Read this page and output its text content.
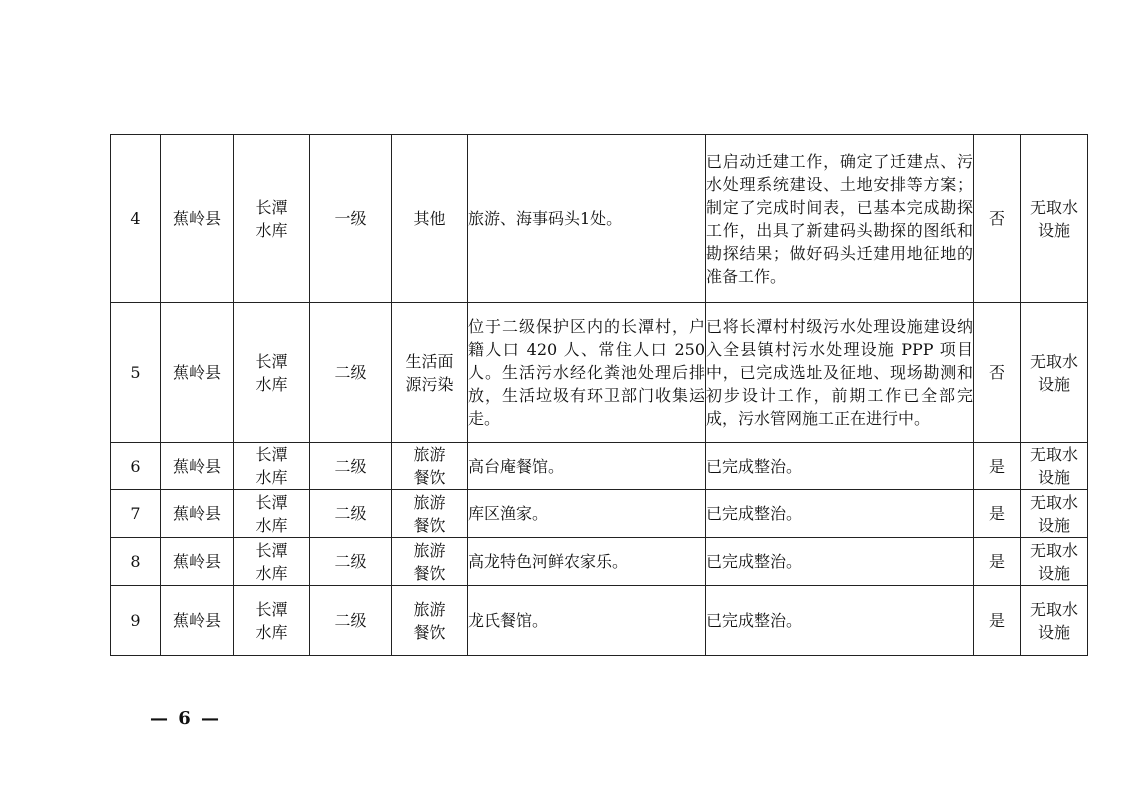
4	蕉岭县	长潭水库	一级	其他	旅游、海事码头1处。	已启动迁建工作，确定了迁建点、污水处理系统建设、土地安排等方案；制定了完成时间表，已基本完成勘探工作，出具了新建码头勘探的图纸和勘探结果；做好码头迁建用地征地的准备工作。	否	无取水设施
5	蕉岭县	长潭水库	二级	生活面源污染	位于二级保护区内的长潭村，户籍人口 420 人、常住人口 250 人。生活污水经化粪池处理后排放，生活垃圾有环卫部门收集运走。	已将长潭村村级污水处理设施建设纳入全县镇村污水处理设施 PPP 项目中，已完成选址及征地、现场勘测和初步设计工作，前期工作已全部完成，污水管网施工正在进行中。	否	无取水设施
6	蕉岭县	长潭水库	二级	旅游餐饮	高台庵餐馆。	已完成整治。	是	无取水设施
7	蕉岭县	长潭水库	二级	旅游餐饮	库区渔家。	已完成整治。	是	无取水设施
8	蕉岭县	长潭水库	二级	旅游餐饮	高龙特色河鲜农家乐。	已完成整治。	是	无取水设施
9	蕉岭县	长潭水库	二级	旅游餐饮	龙氏餐馆。	已完成整治。	是	无取水设施
— 6 —
